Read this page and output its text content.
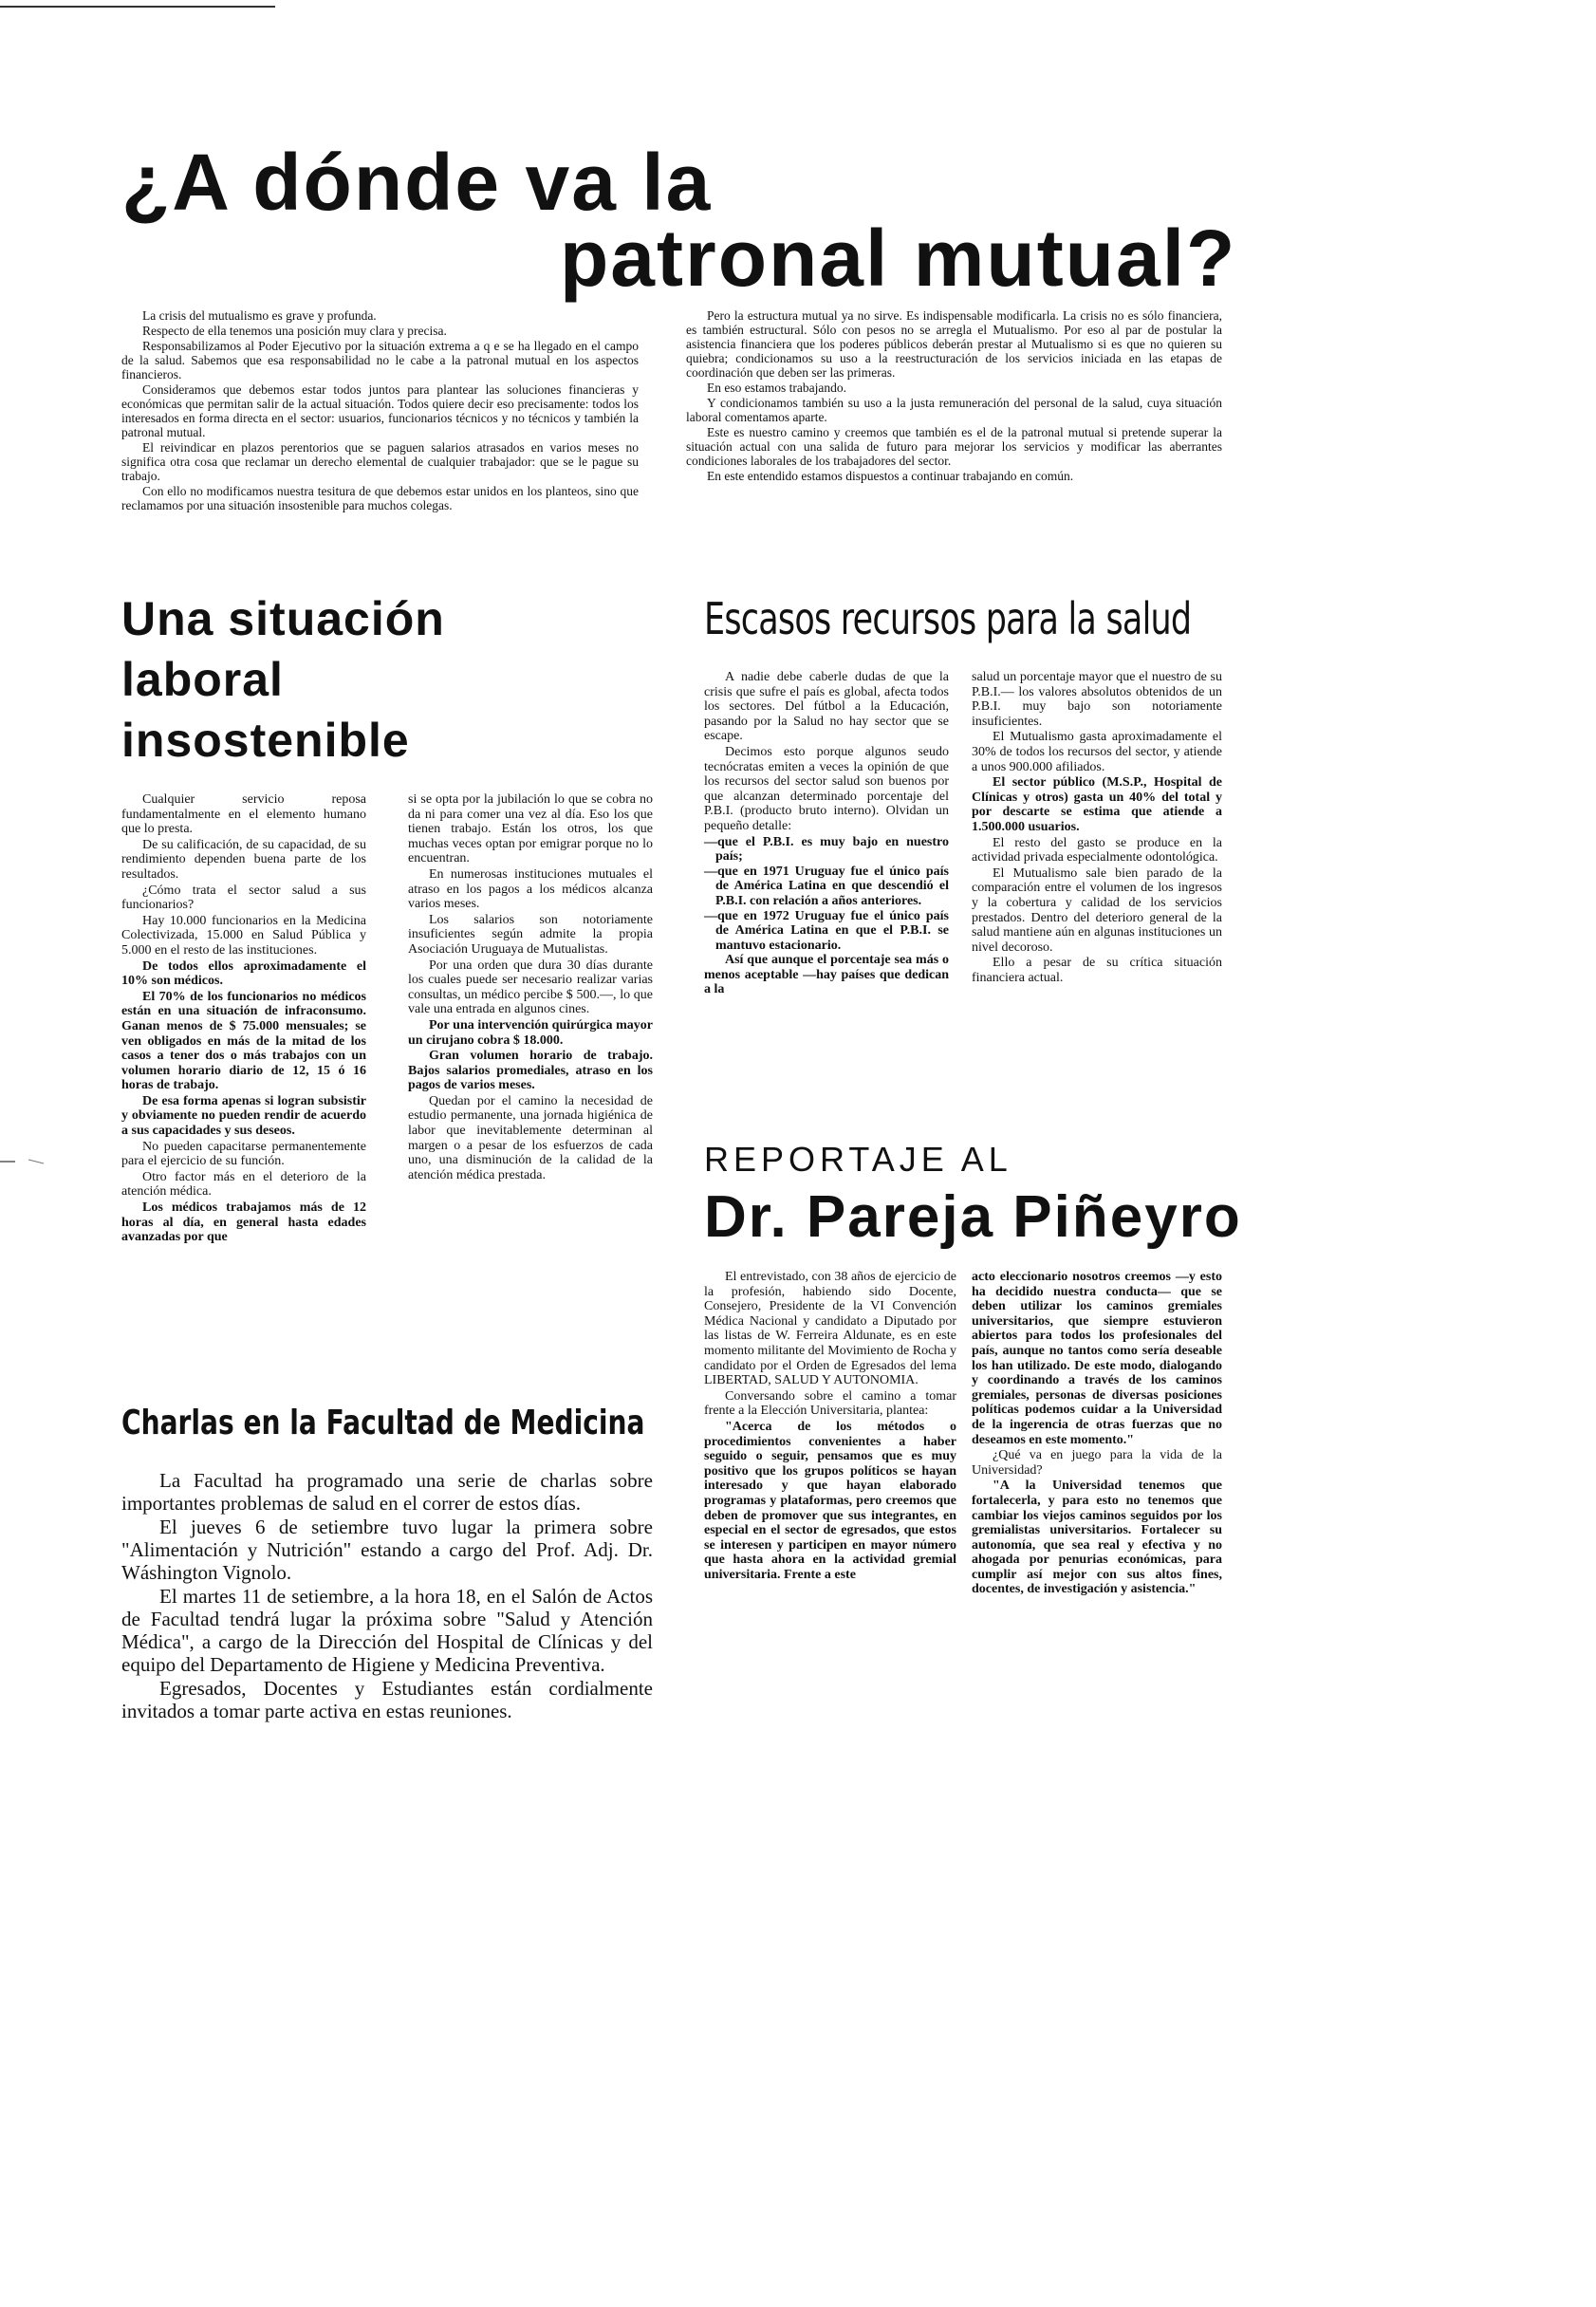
¿A dónde va la
patronal mutual?

La crisis del mutualismo es grave y profunda.

Respecto de ella tenemos una posición muy clara y precisa.

Responsabilizamos al Poder Ejecutivo por la situación extrema a q e se ha llegado en el campo de la salud. Sabemos que esa responsabilidad no le cabe a la patronal mutual en los aspectos financieros.

Consideramos que debemos estar todos juntos para plantear las soluciones financieras y económicas que permitan salir de la actual situación. Todos quiere decir eso precisamente: todos los interesados en forma directa en el sector: usuarios, funcionarios técnicos y no técnicos y también la patronal mutual.

El reivindicar en plazos perentorios que se paguen salarios atrasados en varios meses no significa otra cosa que reclamar un derecho elemental de cualquier trabajador: que se le pague su trabajo.

Con ello no modificamos nuestra tesitura de que debemos estar unidos en los planteos, sino que reclamamos por una situación insostenible para muchos colegas.

Pero la estructura mutual ya no sirve. Es indispensable modificarla. La crisis no es sólo financiera, es también estructural. Sólo con pesos no se arregla el Mutualismo. Por eso al par de postular la asistencia financiera que los poderes públicos deberán prestar al Mutualismo si es que no quieren su quiebra; condicionamos su uso a la reestructuración de los servicios iniciada en las etapas de coordinación que deben ser las primeras.

En eso estamos trabajando.

Y condicionamos también su uso a la justa remuneración del personal de la salud, cuya situación laboral comentamos aparte.

Este es nuestro camino y creemos que también es el de la patronal mutual si pretende superar la situación actual con una salida de futuro para mejorar los servicios y modificar las aberrantes condiciones laborales de los trabajadores del sector.

En este entendido estamos dispuestos a continuar trabajando en común.

Una situación
laboral
insostenible

Cualquier servicio reposa fundamentalmente en el elemento humano que lo presta.

De su calificación, de su capacidad, de su rendimiento dependen buena parte de los resultados.

¿Cómo trata el sector salud a sus funcionarios?

Hay 10.000 funcionarios en la Medicina Colectivizada, 15.000 en Salud Pública y 5.000 en el resto de las instituciones.

De todos ellos aproximadamente el 10% son médicos.

El 70% de los funcionarios no médicos están en una situación de infraconsumo. Ganan menos de $ 75.000 mensuales; se ven obligados en más de la mitad de los casos a tener dos o más trabajos con un volumen horario diario de 12, 15 ó 16 horas de trabajo.

De esa forma apenas si logran subsistir y obviamente no pueden rendir de acuerdo a sus capacidades y sus deseos.

No pueden capacitarse permanentemente para el ejercicio de su función.

Otro factor más en el deterioro de la atención médica.

Los médicos trabajamos más de 12 horas al día, en general hasta edades avanzadas por que

si se opta por la jubilación lo que se cobra no da ni para comer una vez al día. Eso los que tienen trabajo. Están los otros, los que muchas veces optan por emigrar porque no lo encuentran.

En numerosas instituciones mutuales el atraso en los pagos a los médicos alcanza varios meses.

Los salarios son notoriamente insuficientes según admite la propia Asociación Uruguaya de Mutualistas.

Por una orden que dura 30 días durante los cuales puede ser necesario realizar varias consultas, un médico percibe $ 500.—, lo que vale una entrada en algunos cines.

Por una intervención quirúrgica mayor un cirujano cobra $ 18.000.

Gran volumen horario de trabajo. Bajos salarios promediales, atraso en los pagos de varios meses.

Quedan por el camino la necesidad de estudio permanente, una jornada higiénica de labor que inevitablemente determinan al margen o a pesar de los esfuerzos de cada uno, una disminución de la calidad de la atención médica prestada.

Escasos recursos para la salud

A nadie debe caberle dudas de que la crisis que sufre el país es global, afecta todos los sectores. Del fútbol a la Educación, pasando por la Salud no hay sector que se escape.

Decimos esto porque algunos seudo tecnócratas emiten a veces la opinión de que los recursos del sector salud son buenos por que alcanzan determinado porcentaje del P.B.I. (producto bruto interno). Olvidan un pequeño detalle:

—que el P.B.I. es muy bajo en nuestro país;
—que en 1971 Uruguay fue el único país de América Latina en que descendió el P.B.I. con relación a años anteriores.
—que en 1972 Uruguay fue el único país de América Latina en que el P.B.I. se mantuvo estacionario.

Así que aunque el porcentaje sea más o menos aceptable —hay países que dedican a la

salud un porcentaje mayor que el nuestro de su P.B.I.— los valores absolutos obtenidos de un P.B.I. muy bajo son notoriamente insuficientes.

El Mutualismo gasta aproximadamente el 30% de todos los recursos del sector, y atiende a unos 900.000 afiliados.

El sector público (M.S.P., Hospital de Clínicas y otros) gasta un 40% del total y por descarte se estima que atiende a 1.500.000 usuarios.

El resto del gasto se produce en la actividad privada especialmente odontológica.

El Mutualismo sale bien parado de la comparación entre el volumen de los ingresos y la cobertura y calidad de los servicios prestados. Dentro del deterioro general de la salud mantiene aún en algunas instituciones un nivel decoroso.

Ello a pesar de su crítica situación financiera actual.

Charlas en la Facultad de Medicina

La Facultad ha programado una serie de charlas sobre importantes problemas de salud en el correr de estos días.

El jueves 6 de setiembre tuvo lugar la primera sobre "Alimentación y Nutrición" estando a cargo del Prof. Adj. Dr. Wáshington Vignolo.

El martes 11 de setiembre, a la hora 18, en el Salón de Actos de Facultad tendrá lugar la próxima sobre "Salud y Atención Médica", a cargo de la Dirección del Hospital de Clínicas y del equipo del Departamento de Higiene y Medicina Preventiva.

Egresados, Docentes y Estudiantes están cordialmente invitados a tomar parte activa en estas reuniones.

REPORTAJE AL
Dr. Pareja Piñeyro

El entrevistado, con 38 años de ejercicio de la profesión, habiendo sido Docente, Consejero, Presidente de la VI Convención Médica Nacional y candidato a Diputado por las listas de W. Ferreira Aldunate, es en este momento militante del Movimiento de Rocha y candidato por el Orden de Egresados del lema LIBERTAD, SALUD Y AUTONOMIA.

Conversando sobre el camino a tomar frente a la Elección Universitaria, plantea:

"Acerca de los métodos o procedimientos convenientes a haber seguido o seguir, pensamos que es muy positivo que los grupos políticos se hayan interesado y que hayan elaborado programas y plataformas, pero creemos que deben de promover que sus integrantes, en especial en el sector de egresados, que estos se interesen y participen en mayor número que hasta ahora en la actividad gremial universitaria. Frente a este

acto eleccionario nosotros creemos —y esto ha decidido nuestra conducta— que se deben utilizar los caminos gremiales universitarios, que siempre estuvieron abiertos para todos los profesionales del país, aunque no tantos como sería deseable los han utilizado. De este modo, dialogando y coordinando a través de los caminos gremiales, personas de diversas posiciones políticas podemos cuidar a la Universidad de la ingerencia de otras fuerzas que no deseamos en este momento."

¿Qué va en juego para la vida de la Universidad?

"A la Universidad tenemos que fortalecerla, y para esto no tenemos que cambiar los viejos caminos seguidos por los gremialistas universitarios. Fortalecer su autonomía, que sea real y efectiva y no ahogada por penurias económicas, para cumplir así mejor con sus altos fines, docentes, de investigación y asistencia."
